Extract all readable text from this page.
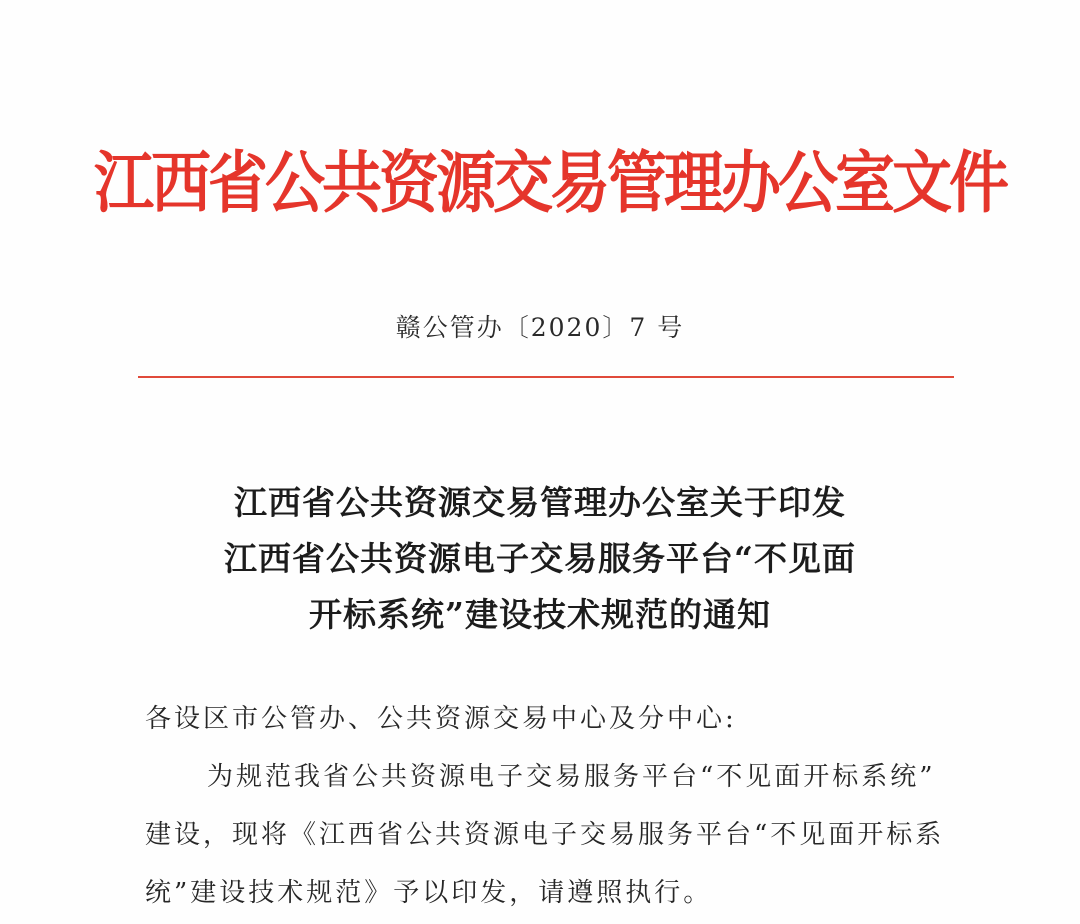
江西省公共资源交易管理办公室文件
赣公管办〔2020〕7 号
江西省公共资源交易管理办公室关于印发
江西省公共资源电子交易服务平台“不见面
开标系统”建设技术规范的通知
各设区市公管办、公共资源交易中心及分中心:
为规范我省公共资源电子交易服务平台“不见面开标系统”
建设，现将《江西省公共资源电子交易服务平台“不见面开标系
统”建设技术规范》予以印发，请遵照执行。
